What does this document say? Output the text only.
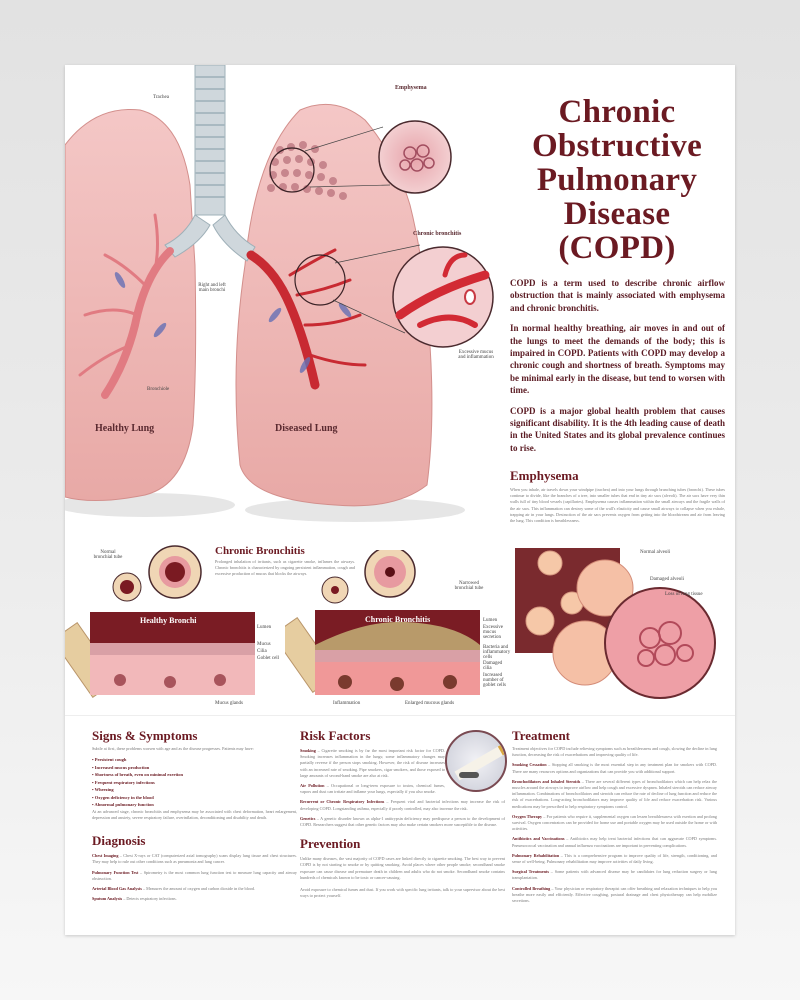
Trachea
Right and left main bronchi
Bronchiole
Emphysema
Chronic bronchitis
Excessive mucus and inflammation
Healthy Lung	Diseased Lung
Chronic
Obstructive
Pulmonary
Disease
(COPD)

COPD is a term used to describe chronic airflow obstruction that is mainly associated with emphysema and chronic bronchitis.

In normal healthy breathing, air moves in and out of the lungs to meet the demands of the body; this is impaired in COPD. Patients with COPD may develop a chronic cough and shortness of breath. Symptoms may be minimal early in the disease, but tend to worsen with time.

COPD is a major global health problem that causes significant disability. It is the 4th leading cause of death in the United States and its global prevalence continues to rise.

Emphysema
When you inhale, air travels down your windpipe (trachea) and into your lungs through branching tubes (bronchi). These tubes continue to divide, like the branches of a tree, into smaller tubes that end in tiny air sacs (alveoli). The air sacs have very thin walls full of tiny blood vessels (capillaries). Emphysema causes inflammation within the small airways and the fragile walls of the air sacs. This inflammation can destroy some of the wall's elasticity and cause small airways to collapse when you exhale, trapping air in your lungs. Destruction of the air sacs prevents oxygen from getting into the bloodstream and air from leaving the lung. This condition is breathlessness.
Normal alveoli
Damaged alveoli
Loss of lung tissue
Chronic Bronchitis
Prolonged inhalation of irritants, such as cigarette smoke, inflames the airways. Chronic bronchitis is characterized by ongoing persistent inflammation, cough and excessive production of mucus that blocks the airways.
Normal bronchial tube
Healthy Bronchi
Lumen
Mucus
Cilia
Goblet cell
Mucus glands
Narrowed bronchial tube
Chronic Bronchitis	Lumen
Excessive mucus secretion
Bacteria and inflammatory cells
Damaged cilia
Increased number of goblet cells
Inflammation	Enlarged mucous glands
Signs & Symptoms
Subtle at first, these problems worsen with age and as the disease progresses. Patients may have:
• Persistent cough
• Increased mucus production
• Shortness of breath, even on minimal exertion
• Frequent respiratory infections
• Wheezing
• Oxygen deficiency in the blood
• Abnormal pulmonary function
At an advanced stage, chronic bronchitis and emphysema may be associated with chest deformation, heart enlargement, depression and anxiety, severe respiratory failure, overinflation, deconditioning and disability and death.
Diagnosis
Chest Imaging – Chest X-rays or CAT (computerized axial tomography) scans display lung tissue and chest structures. They may help to rule out other conditions such as pneumonia and lung cancer.
Pulmonary Function Test – Spirometry is the most common lung function test to measure lung capacity and airway obstruction.
Arterial Blood Gas Analysis – Measures the amount of oxygen and carbon dioxide in the blood.
Sputum Analysis – Detects respiratory infections.
Risk Factors
Smoking – Cigarette smoking is by far the most important risk factor for COPD. Smoking increases inflammation in the lungs; some inflammatory changes may partially reverse if the person stops smoking. However, the risk of disease increases with an increased rate of smoking. Pipe smokers, cigar smokers, and those exposed to large amounts of second-hand smoke are also at risk.
Air Pollution – Occupational or long-term exposure to toxins, chemical fumes, vapors and dust can irritate and inflame your lungs, especially if you also smoke.
Recurrent or Chronic Respiratory Infections – Frequent viral and bacterial infections may increase the risk of developing COPD. Longstanding asthma, especially if poorly controlled, may also increase the risk.
Genetics – A genetic disorder known as alpha-1 antitrypsin deficiency may predispose a person to the development of COPD. Researchers suggest that other genetic factors may also make certain smokers more susceptible to the disease.
Prevention
Unlike many diseases, the vast majority of COPD cases are linked directly to cigarette smoking. The best way to prevent COPD is by not starting to smoke or by quitting smoking. Avoid places where other people smoke; secondhand smoke exposure can cause disease and premature death in children and adults who do not smoke. Secondhand smoke contains hundreds of chemicals known to be toxic or cancer-causing.
Avoid exposure to chemical fumes and dust. If you work with specific lung irritants, talk to your supervisor about the best ways to protect yourself.
Treatment
Treatment objectives for COPD include relieving symptoms such as breathlessness and cough, slowing the decline in lung function, decreasing the risk of exacerbations and improving quality of life.
Smoking Cessation – Stopping all smoking is the most essential step in any treatment plan for smokers with COPD. There are many resources options and organizations that can provide you with additional support.
Bronchodilators and Inhaled Steroids – There are several different types of bronchodilators which can help relax the muscles around the airways to improve airflow and help cough and excessive dyspnea. Inhaled steroids can reduce airway inflammation. Combinations of bronchodilators and steroids can reduce the rate of decline of lung function and reduce the risk of exacerbations. Long-acting bronchodilators may improve quality of life and reduce exacerbation risk. Various medications may be prescribed to help respiratory symptoms control.
Oxygen Therapy – For patients who require it, supplemental oxygen can lessen breathlessness with exertion and prolong survival. Oxygen concentrators can be provided for home use and portable oxygen may be used outside the home or with activities.
Antibiotics and Vaccinations – Antibiotics may help treat bacterial infections that can aggravate COPD symptoms. Pneumococcal vaccination and annual influenza vaccinations are important in preventing complications.
Pulmonary Rehabilitation – This is a comprehensive program to improve quality of life, strength, conditioning, and sense of well-being. Pulmonary rehabilitation may improve activities of daily living.
Surgical Treatments – Some patients with advanced disease may be candidates for lung reduction surgery or lung transplantation.
Controlled Breathing – Your physician or respiratory therapist can offer breathing and relaxation techniques to help you breathe more easily and efficiently. Effective coughing, postural drainage and chest physiotherapy can help mobilize secretions.
